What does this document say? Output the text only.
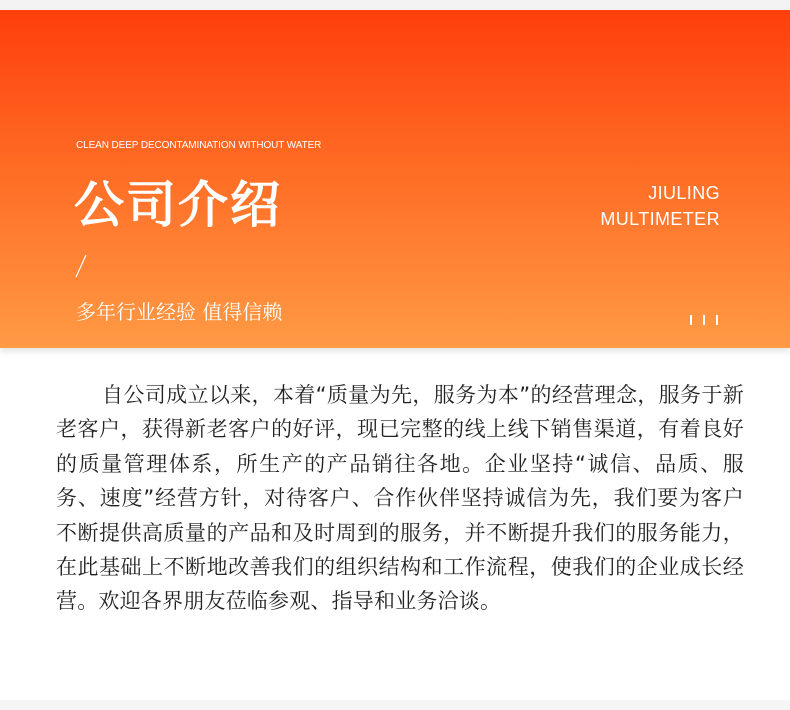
CLEAN DEEP DECONTAMINATION WITHOUT WATER
公司介绍
多年行业经验 值得信赖
JIULING
MULTIMETER

自公司成立以来，本着“质量为先，服务为本”的经营理念，服务于新老客户，获得新老客户的好评，现已完整的线上线下销售渠道，有着良好的质量管理体系，所生产的产品销往各地。企业坚持“诚信、品质、服务、速度”经营方针，对待客户、合作伙伴坚持诚信为先，我们要为客户不断提供高质量的产品和及时周到的服务，并不断提升我们的服务能力，在此基础上不断地改善我们的组织结构和工作流程，使我们的企业成长经营。欢迎各界朋友莅临参观、指导和业务洽谈。
